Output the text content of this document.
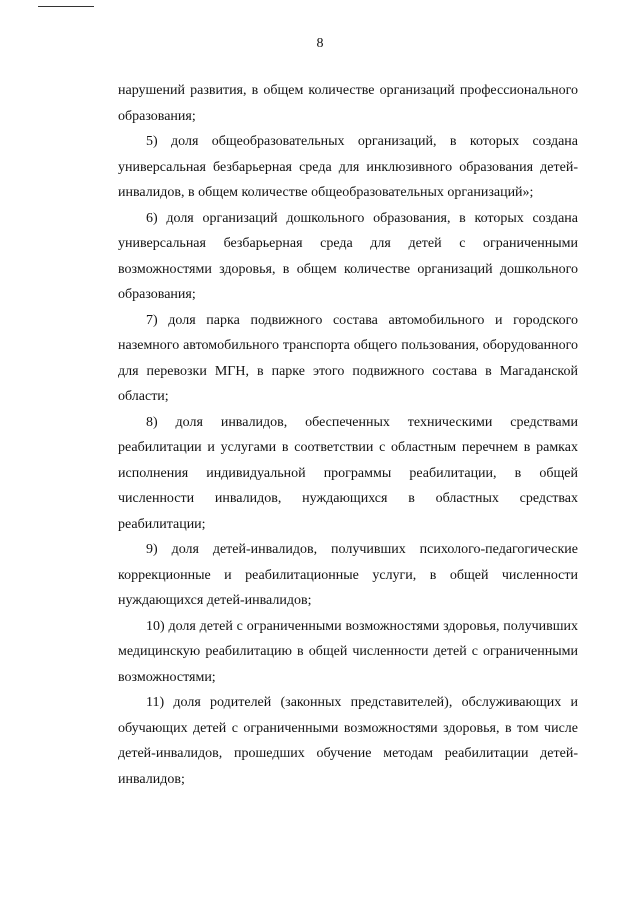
8

нарушений развития, в общем количестве организаций профессионального образования;

5) доля общеобразовательных организаций, в которых создана универсальная безбарьерная среда для инклюзивного образования детей-инвалидов, в общем количестве общеобразовательных организаций»;

6) доля организаций дошкольного образования, в которых создана универсальная безбарьерная среда для детей с ограниченными возможностями здоровья, в общем количестве организаций дошкольного образования;

7) доля парка подвижного состава автомобильного и городского наземного автомобильного транспорта общего пользования, оборудованного для перевозки МГН, в парке этого подвижного состава в Магаданской области;

8) доля инвалидов, обеспеченных техническими средствами реабилитации и услугами в соответствии с областным перечнем в рамках исполнения индивидуальной программы реабилитации, в общей численности инвалидов, нуждающихся в областных средствах реабилитации;

9) доля детей-инвалидов, получивших психолого-педагогические коррекционные и реабилитационные услуги, в общей численности нуждающихся детей-инвалидов;

10) доля детей с ограниченными возможностями здоровья, получивших медицинскую реабилитацию в общей численности детей с ограниченными возможностями;

11) доля родителей (законных представителей), обслуживающих и обучающих детей с ограниченными возможностями здоровья, в том числе детей-инвалидов, прошедших обучение методам реабилитации детей-инвалидов;
